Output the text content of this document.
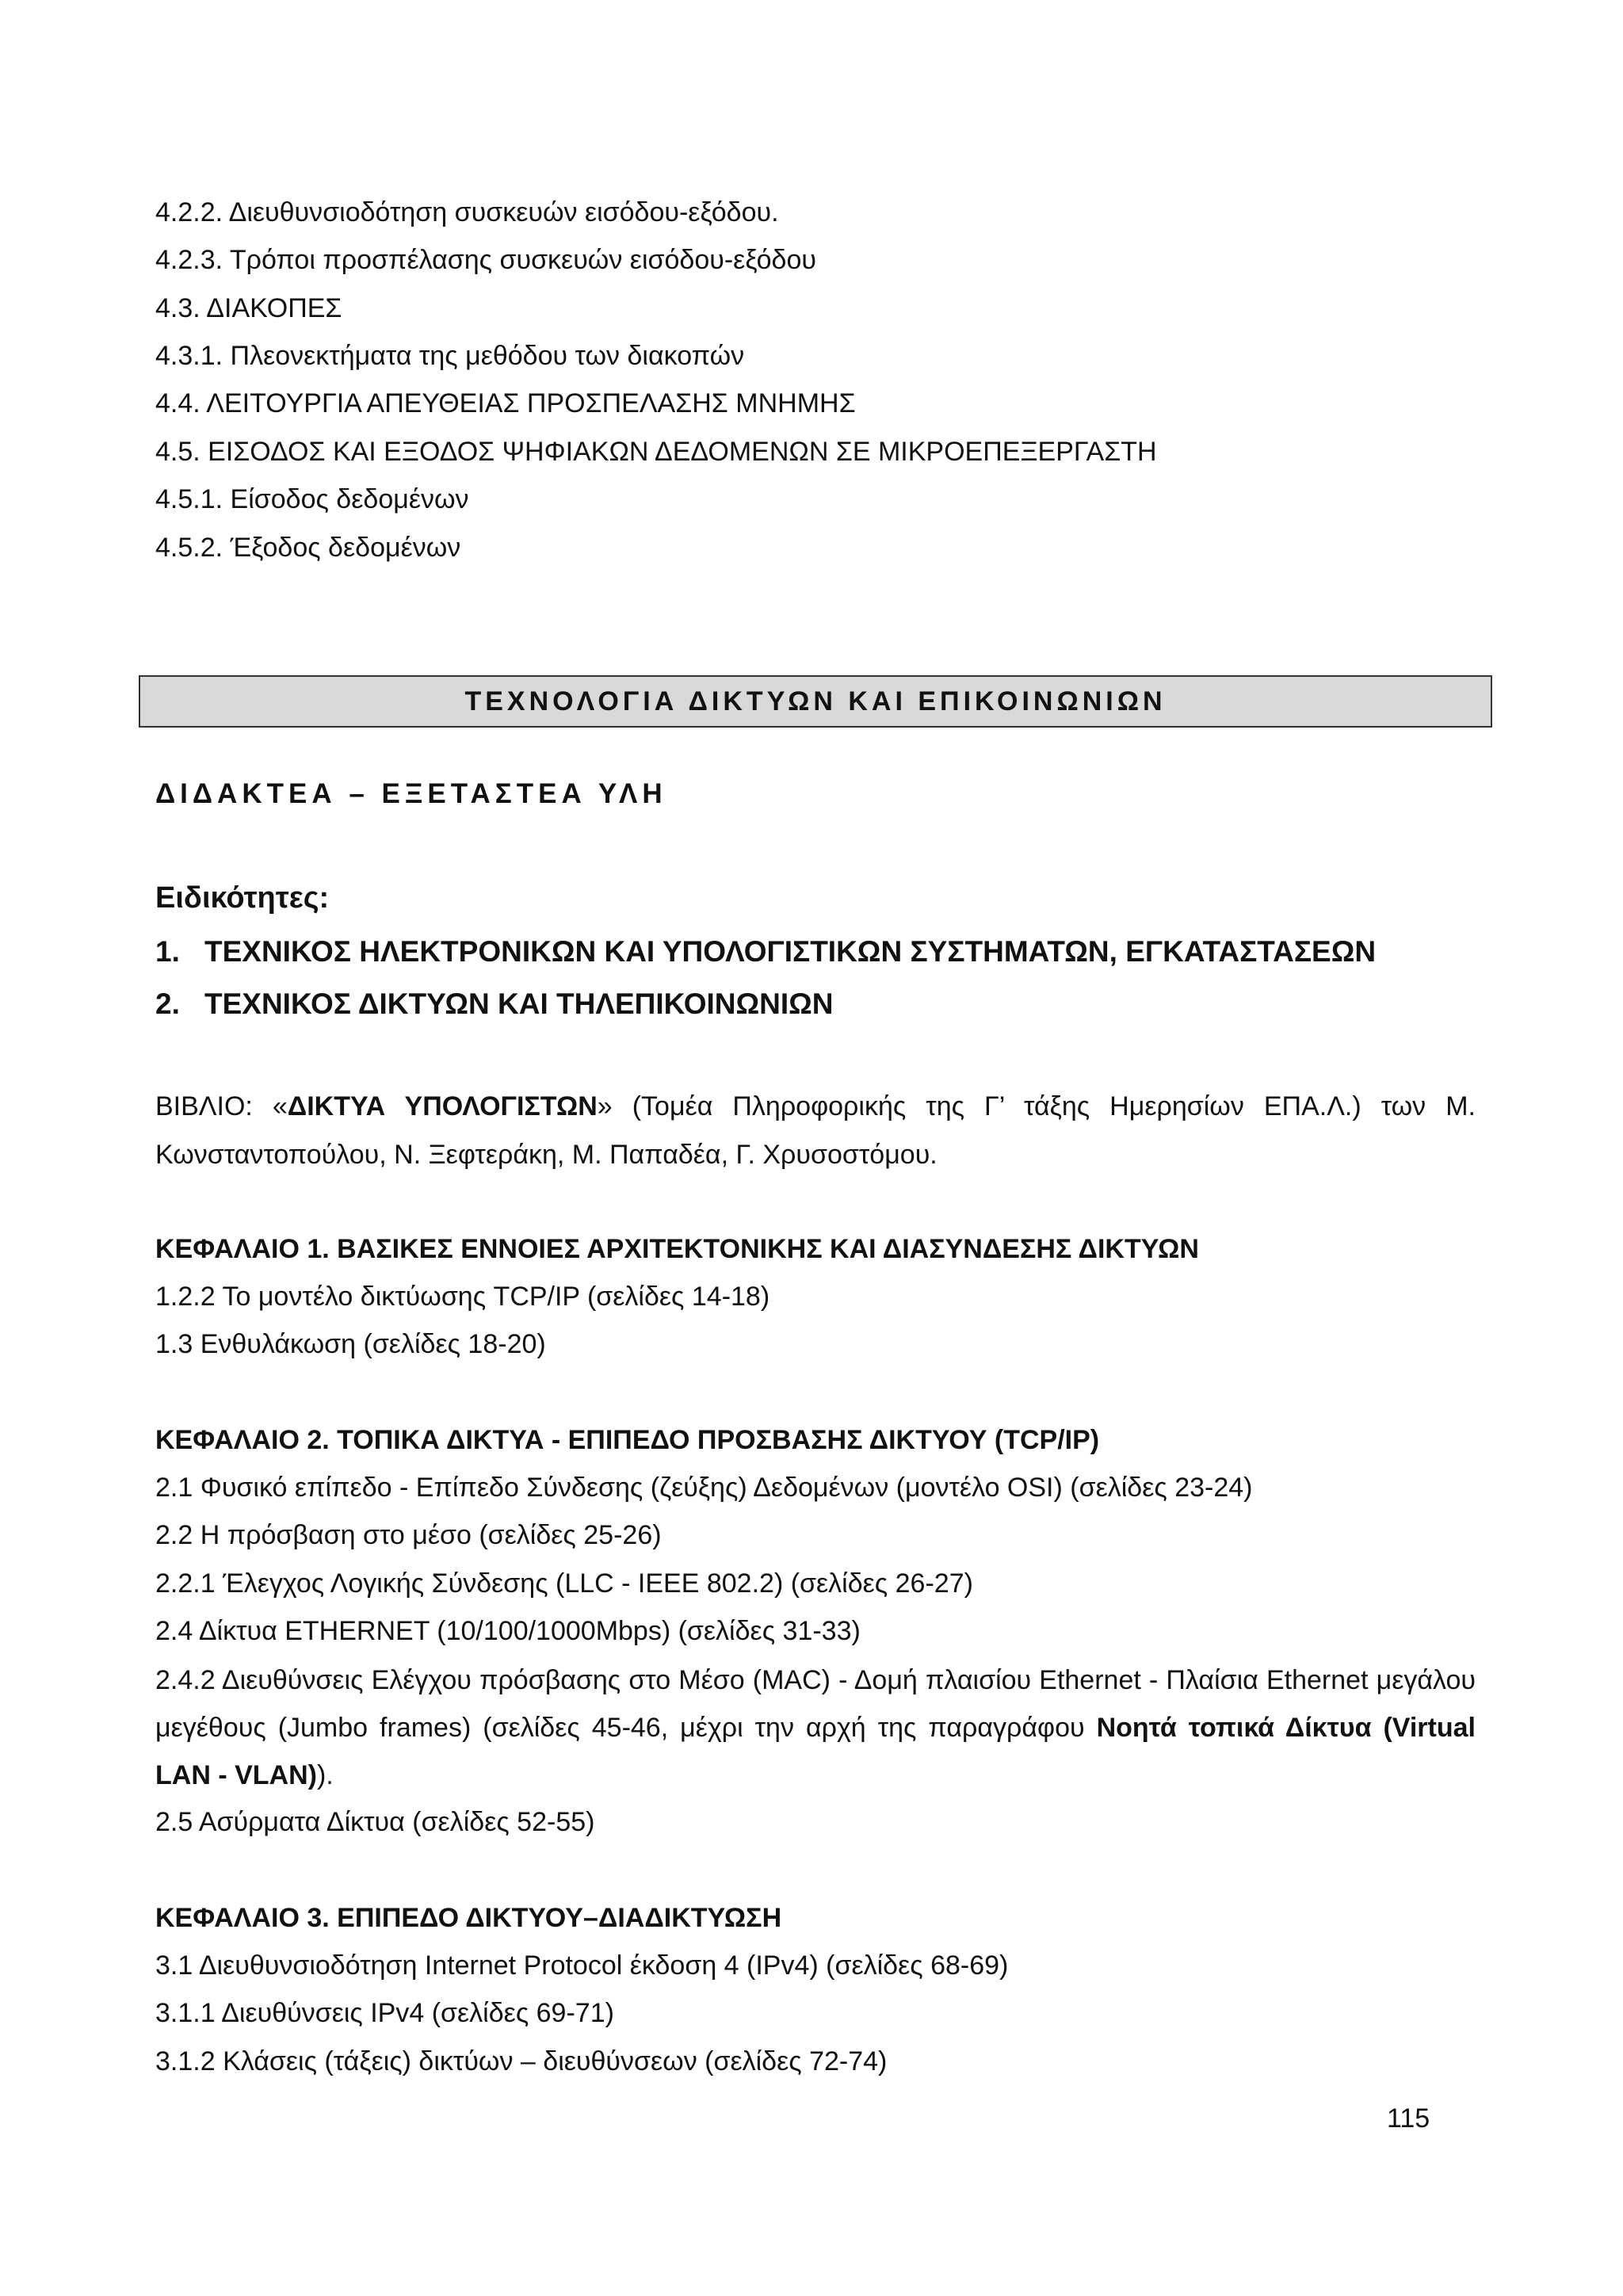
4.2.2. Διευθυνσιοδότηση συσκευών εισόδου-εξόδου.

4.2.3. Τρόποι προσπέλασης συσκευών εισόδου-εξόδου

4.3. ΔΙΑΚΟΠΕΣ

4.3.1. Πλεονεκτήματα της μεθόδου των διακοπών

4.4. ΛΕΙΤΟΥΡΓΙΑ ΑΠΕΥΘΕΙΑΣ ΠΡΟΣΠΕΛΑΣΗΣ ΜΝΗΜΗΣ

4.5. ΕΙΣΟΔΟΣ ΚΑΙ ΕΞΟΔΟΣ ΨΗΦΙΑΚΩΝ ΔΕΔΟΜΕΝΩΝ ΣΕ ΜΙΚΡΟΕΠΕΞΕΡΓΑΣΤΗ

4.5.1. Είσοδος δεδομένων

4.5.2. Έξοδος δεδομένων

ΤΕΧΝΟΛΟΓΙΑ ΔΙΚΤΥΩΝ ΚΑΙ ΕΠΙΚΟΙΝΩΝΙΩΝ
ΔΙΔΑΚΤΕΑ – ΕΞΕΤΑΣΤΕΑ ΥΛΗ
Ειδικότητες:
1. ΤΕΧΝΙΚΟΣ ΗΛΕΚΤΡΟΝΙΚΩΝ ΚΑΙ ΥΠΟΛΟΓΙΣΤΙΚΩΝ ΣΥΣΤΗΜΑΤΩΝ, ΕΓΚΑΤΑΣΤΑΣΕΩΝ
2. ΤΕΧΝΙΚΟΣ ΔΙΚΤΥΩΝ ΚΑΙ ΤΗΛΕΠΙΚΟΙΝΩΝΙΩΝ

ΒΙΒΛΙΟ: «ΔΙΚΤΥΑ ΥΠΟΛΟΓΙΣΤΩΝ» (Τομέα Πληροφορικής της Γ’ τάξης Ημερησίων ΕΠΑ.Λ.) των Μ. Κωνσταντοπούλου, Ν. Ξεφτεράκη, Μ. Παπαδέα, Γ. Χρυσοστόμου.

ΚΕΦΑΛΑΙΟ 1. ΒΑΣΙΚΕΣ ΕΝΝΟΙΕΣ ΑΡΧΙΤΕΚΤΟΝΙΚΗΣ ΚΑΙ ΔΙΑΣΥΝΔΕΣΗΣ ΔΙΚΤΥΩΝ

1.2.2 Το μοντέλο δικτύωσης TCP/IP (σελίδες 14-18)

1.3 Ενθυλάκωση (σελίδες 18-20)

ΚΕΦΑΛΑΙΟ 2. ΤΟΠΙΚΑ ΔΙΚΤΥΑ - ΕΠΙΠΕΔΟ ΠΡΟΣΒΑΣΗΣ ΔΙΚΤΥΟΥ (TCP/IP)

2.1 Φυσικό επίπεδο - Επίπεδο Σύνδεσης (ζεύξης) Δεδομένων (μοντέλο OSI) (σελίδες 23-24)

2.2 Η πρόσβαση στο μέσο (σελίδες 25-26)

2.2.1 Έλεγχος Λογικής Σύνδεσης (LLC - IEEE 802.2) (σελίδες 26-27)

2.4 Δίκτυα ETHERNET (10/100/1000Mbps) (σελίδες 31-33)

2.4.2 Διευθύνσεις Ελέγχου πρόσβασης στο Μέσο (MAC) - Δομή πλαισίου Ethernet - Πλαίσια Ethernet μεγάλου μεγέθους (Jumbo frames) (σελίδες 45-46, μέχρι την αρχή της παραγράφου Νοητά τοπικά Δίκτυα (Virtual LAN - VLAN)).

2.5 Ασύρματα Δίκτυα (σελίδες 52-55)

ΚΕΦΑΛΑΙΟ 3. ΕΠΙΠΕΔΟ ΔΙΚΤΥΟΥ–ΔΙΑΔΙΚΤΥΩΣΗ

3.1 Διευθυνσιοδότηση Internet Protocol έκδοση 4 (IPv4) (σελίδες 68-69)

3.1.1 Διευθύνσεις IPv4 (σελίδες 69-71)

3.1.2 Κλάσεις (τάξεις) δικτύων – διευθύνσεων (σελίδες 72-74)

115
